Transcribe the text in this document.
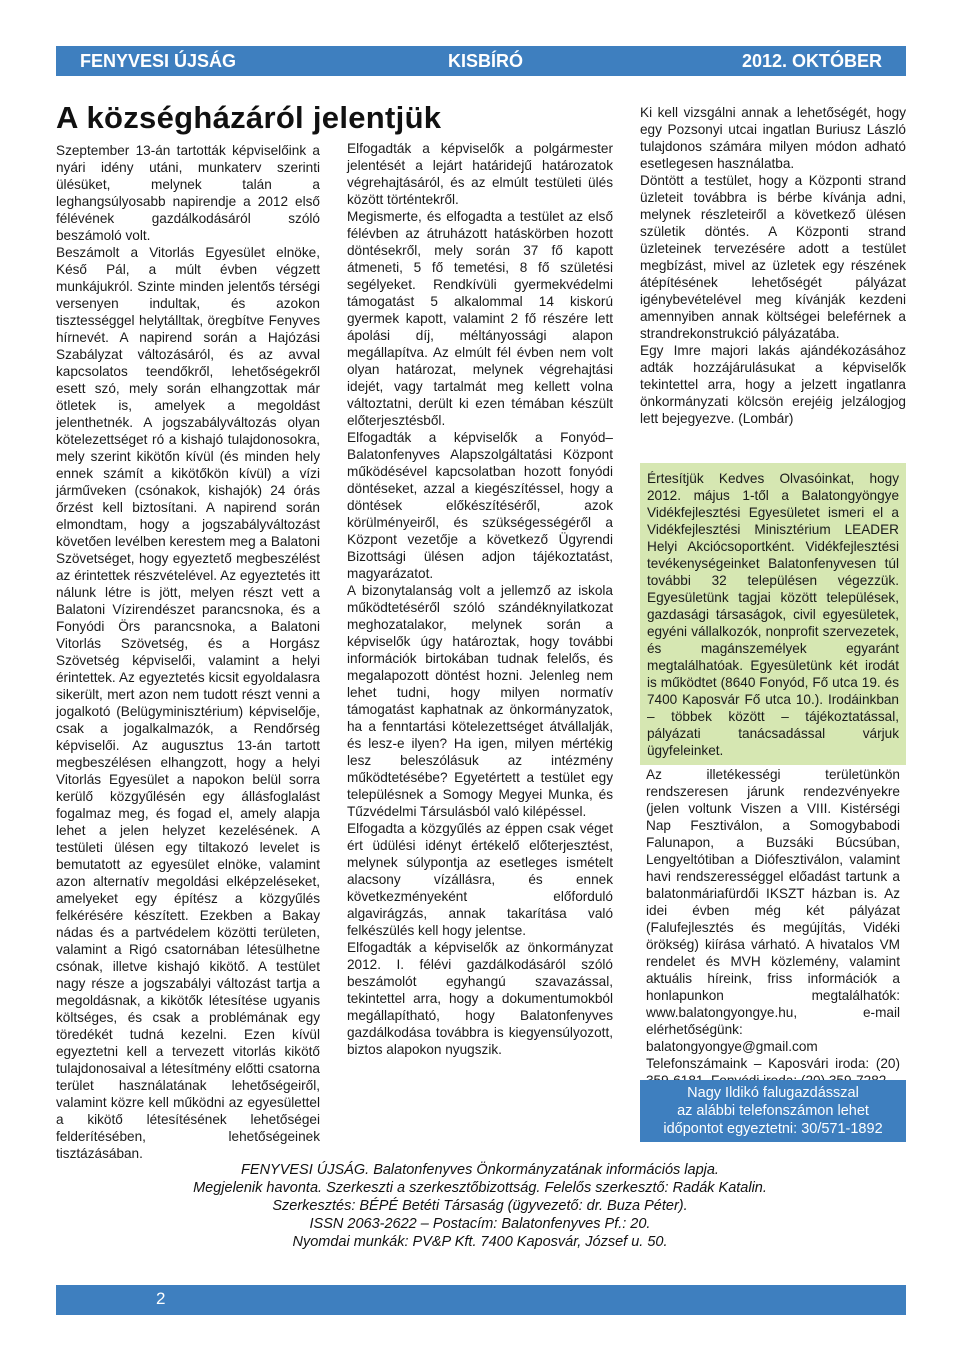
FENYVESI ÚJSÁG	KISBÍRÓ	2012. OKTÓBER
A községházáról jelentjük

Szeptember 13-án tartották képviselőink a nyári idény utáni, munkaterv szerinti ülésüket, melynek talán a leghangsúlyosabb napirendje a 2012 első félévének gazdálkodásáról szóló beszámoló volt.

Beszámolt a Vitorlás Egyesület elnöke, Késő Pál, a múlt évben végzett munkájukról. Szinte minden jelentős térségi versenyen indultak, és azokon tisztességgel helytálltak, öregbítve Fenyves hírnevét. A napirend során a Hajózási Szabályzat változásáról, és az avval kapcsolatos teendőkről, lehetőségekről esett szó, mely során elhangzottak már ötletek is, amelyek a megoldást jelenthetnék. A jogszabályváltozás olyan kötelezettséget ró a kishajó tulajdonosokra, mely szerint kikötőn kívül (és minden hely ennek számít a kikötőkön kívül) a vízi járműveken (csónakok, kishajók) 24 órás őrzést kell biztosítani. A napirend során elmondtam, hogy a jogszabályváltozást követően levélben kerestem meg a Balatoni Szövetséget, hogy egyeztető megbeszélést az érintettek részvételével. Az egyeztetés itt nálunk létre is jött, melyen részt vett a Balatoni Vízirendészet parancsnoka, és a Fonyódi Örs parancsnoka, a Balatoni Vitorlás Szövetség, és a Horgász Szövetség képviselői, valamint a helyi érintettek. Az egyeztetés kicsit egyoldalasra sikerült, mert azon nem tudott részt venni a jogalkotó (Belügyminisztérium) képviselője, csak a jogalkalmazók, a Rendőrség képviselői. Az augusztus 13-án tartott megbeszélésen elhangzott, hogy a helyi Vitorlás Egyesület a napokon belül sorra kerülő közgyűlésén egy állásfoglalást fogalmaz meg, és fogad el, amely alapja lehet a jelen helyzet kezelésének. A testületi ülésen egy tiltakozó levelet is bemutatott az egyesület elnöke, valamint azon alternatív megoldási elképzeléseket, amelyeket egy építész a közgyűlés felkérésére készített. Ezekben a Bakay nádas és a partvédelem közötti területen, valamint a Rigó csatornában létesülhetne csónak, illetve kishajó kikötő. A testület nagy része a jogszabályi változást tartja a megoldásnak, a kikötők létesítése ugyanis költséges, és csak a problémának egy töredékét tudná kezelni. Ezen kívül egyeztetni kell a tervezett vitorlás kikötő tulajdonosaival a létesítmény előtti csatorna terület használatának lehetőségeiről, valamint közre kell működni az egyesülettel a kikötő létesítésének lehetőségei felderítésében, lehetőségeinek tisztázásában.

Elfogadták a képviselők a polgármester jelentését a lejárt határidejű határozatok végrehajtásáról, és az elmúlt testületi ülés között történtekről.

Megismerte, és elfogadta a testület az első félévben az átruházott hatáskörben hozott döntésekről, mely során 37 fő kapott átmeneti, 5 fő temetési, 8 fő születési segélyeket. Rendkívüli gyermekvédelmi támogatást 5 alkalommal 14 kiskorú gyermek kapott, valamint 2 fő részére lett ápolási díj, méltányossági alapon megállapítva. Az elmúlt fél évben nem volt olyan határozat, melynek végrehajtási idejét, vagy tartalmát meg kellett volna változtatni, derült ki ezen témában készült előterjesztésből.

Elfogadták a képviselők a Fonyód–Balatonfenyves Alapszolgáltatási Központ működésével kapcsolatban hozott fonyódi döntéseket, azzal a kiegészítéssel, hogy a döntések előkészítéséről, azok körülményeiről, és szükségességéről a Központ vezetője a következő Ügyrendi Bizottsági ülésen adjon tájékoztatást, magyarázatot.

A bizonytalanság volt a jellemző az iskola működtetéséről szóló szándéknyilatkozat meghozatalakor, melynek során a képviselők úgy határoztak, hogy további információk birtokában tudnak felelős, és megalapozott döntést hozni. Jelenleg nem lehet tudni, hogy milyen normatív támogatást kaphatnak az önkormányzatok, ha a fenntartási kötelezettséget átvállalják, és lesz-e ilyen? Ha igen, milyen mértékig lesz beleszólásuk az intézmény működtetésébe? Egyetértett a testület egy településnek a Somogy Megyei Munka, és Tűzvédelmi Társulásból való kilépéssel.

Elfogadta a közgyűlés az éppen csak véget ért üdülési idényt értékelő előterjesztést, melynek súlypontja az esetleges ismételt alacsony vízállásra, és ennek következményeként előforduló algavirágzás, annak takarítása való felkészülés kell hogy jelentse.

Elfogadták a képviselők az önkormányzat 2012. I. félévi gazdálkodásáról szóló beszámolót egyhangú szavazással, tekintettel arra, hogy a dokumentumokból megállapítható, hogy Balatonfenyves gazdálkodása továbbra is kiegyensúlyozott, biztos alapokon nyugszik.

Ki kell vizsgálni annak a lehetőségét, hogy egy Pozsonyi utcai ingatlan Buriusz László tulajdonos számára milyen módon adható esetlegesen használatba.

Döntött a testület, hogy a Központi strand üzleteit továbbra is bérbe kívánja adni, melynek részleteiről a következő ülésen születik döntés. A Központi strand üzleteinek tervezésére adott a testület megbízást, mivel az üzletek egy részének átépítésének lehetőségét pályázat igénybevételével meg kívánják kezdeni amennyiben annak költségei beleférnek a strandrekonstrukció pályázatába.

Egy Imre majori lakás ajándékozásához adták hozzájárulásukat a képviselők tekintettel arra, hogy a jelzett ingatlanra önkormányzati kölcsön erejéig jelzálogjog lett bejegyezve. (Lombár)

Értesítjük Kedves Olvasóinkat, hogy 2012. május 1-től a Balatongyöngye Vidékfejlesztési Egyesületet ismeri el a Vidékfejlesztési Minisztérium LEADER Helyi Akciócsoportként. Vidékfejlesztési tevékenységeinket Balatonfenyvesen túl további 32 településen végezzük. Egyesületünk tagjai között települések, gazdasági társaságok, civil egyesületek, egyéni vállalkozók, nonprofit szervezetek, és magánszemélyek egyaránt megtalálhatóak. Egyesületünk két irodát is működtet (8640 Fonyód, Fő utca 19. és 7400 Kaposvár Fő utca 10.). Irodáinkban – többek között – tájékoztatással, pályázati tanácsadással várjuk ügyfeleinket.

Az illetékességi területünkön rendszeresen járunk rendezvényekre (jelen voltunk Viszen a VIII. Kistérségi Nap Fesztiválon, a Somogybabodi Falunapon, a Buzsáki Búcsúban, Lengyeltótiban a Diófesztiválon, valamint havi rendszerességgel előadást tartunk a balatonmáriafürdői IKSZT házban is. Az idei évben még két pályázat (Falufejlesztés és megújítás, Vidéki örökség) kiírása várható. A hivatalos VM rendelet és MVH közlemény, valamint aktuális híreink, friss információk a honlapunkon megtalálhatók: www.balatongyongye.hu, e-mail elérhetőségünk: balatongyongye@gmail.com Telefonszámaink – Kaposvári iroda: (20)

Nagy Ildikó falugazdásszal
az alábbi telefonszámon lehet
időpontot egyeztetni: 30/571-1892
FENYVESI ÚJSÁG. Balatonfenyves Önkormányzatának információs lapja.
Megjelenik havonta. Szerkeszti a szerkesztőbizottság. Felelős szerkesztő: Radák Katalin.
Szerkesztés: BÉPÉ Betéti Társaság (ügyvezető: dr. Buza Péter).
ISSN 2063-2622 – Postacím: Balatonfenyves Pf.: 20.
Nyomdai munkák: PV&P Kft. 7400 Kaposvár, József u. 50.
2
